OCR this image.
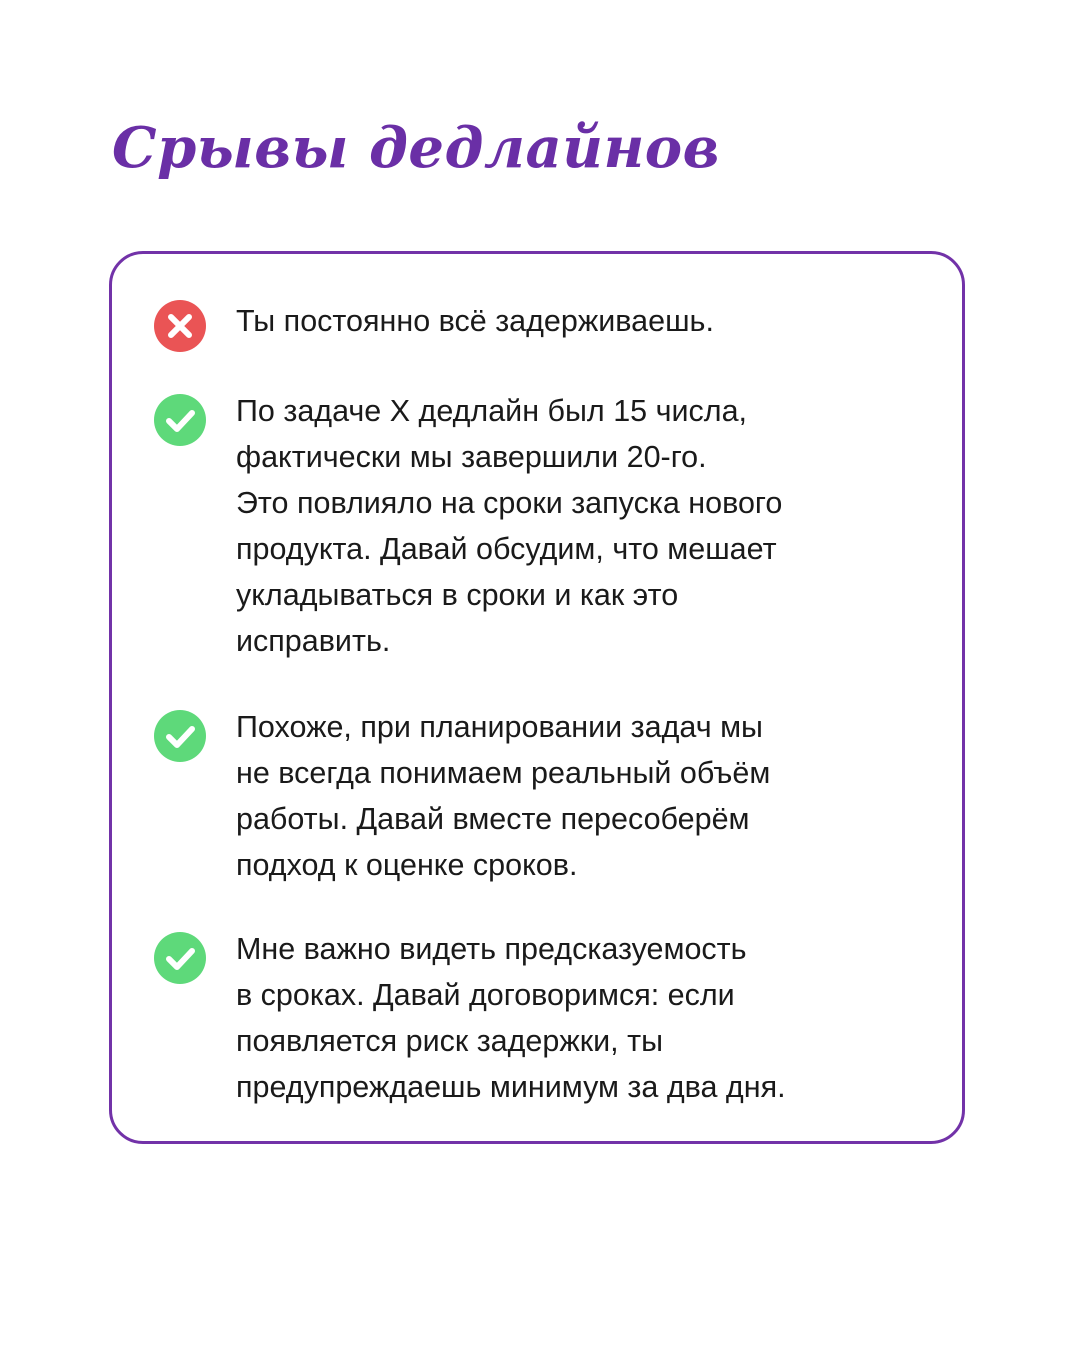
Срывы дедлайнов

Ты постоянно всё задерживаешь.

По задаче X дедлайн был 15 числа,
фактически мы завершили 20-го.
Это повлияло на сроки запуска нового
продукта. Давай обсудим, что мешает
укладываться в сроки и как это
исправить.

Похоже, при планировании задач мы
не всегда понимаем реальный объём
работы. Давай вместе пересоберём
подход к оценке сроков.

Мне важно видеть предсказуемость
в сроках. Давай договоримся: если
появляется риск задержки, ты
предупреждаешь минимум за два дня.
